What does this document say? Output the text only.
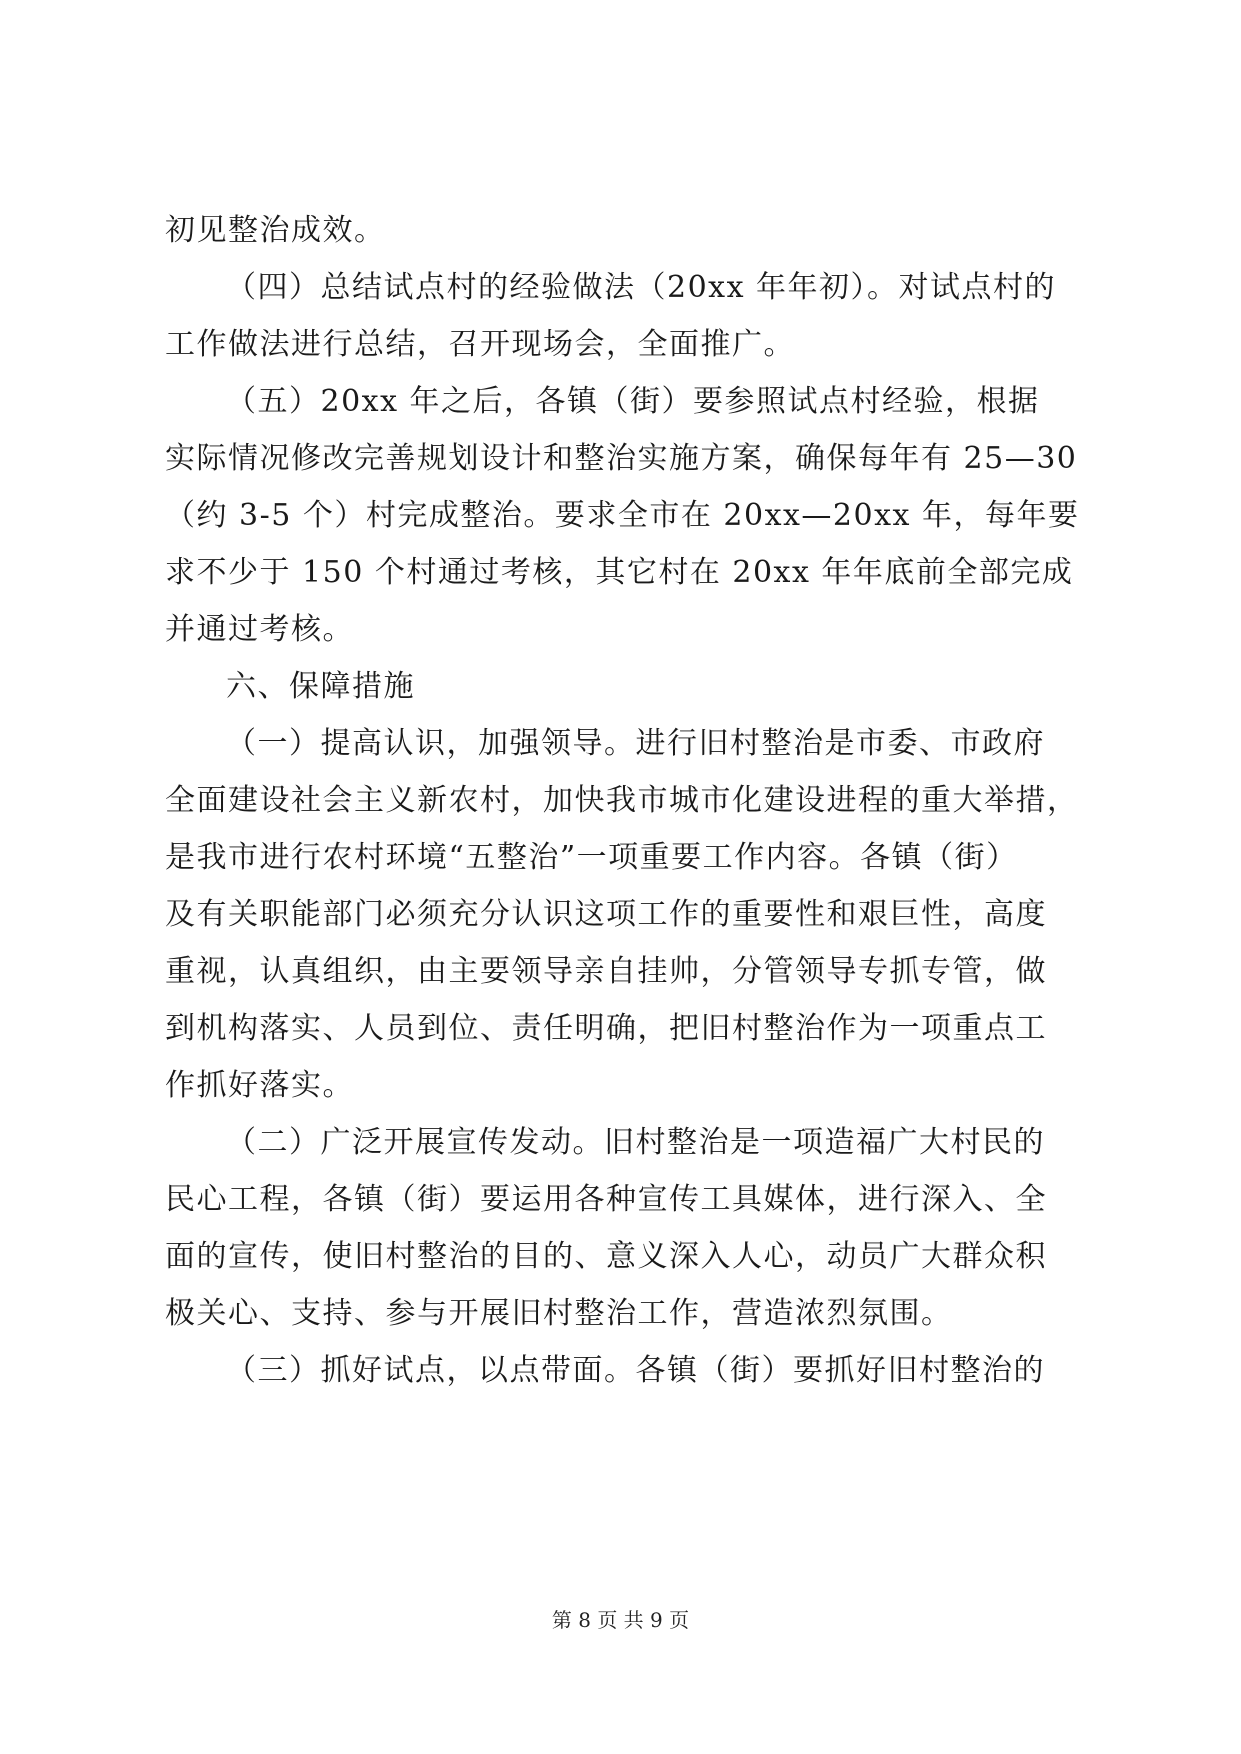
初见整治成效。
（四）总结试点村的经验做法（20xx 年年初）。对试点村的
工作做法进行总结，召开现场会，全面推广。
（五）20xx 年之后，各镇（街）要参照试点村经验，根据
实际情况修改完善规划设计和整治实施方案，确保每年有 25—30
（约 3-5 个）村完成整治。要求全市在 20xx—20xx 年，每年要
求不少于 150 个村通过考核，其它村在 20xx 年年底前全部完成
并通过考核。
六、保障措施
（一）提高认识，加强领导。进行旧村整治是市委、市政府
全面建设社会主义新农村，加快我市城市化建设进程的重大举措，
是我市进行农村环境“五整治”一项重要工作内容。各镇（街）
及有关职能部门必须充分认识这项工作的重要性和艰巨性，高度
重视，认真组织，由主要领导亲自挂帅，分管领导专抓专管，做
到机构落实、人员到位、责任明确，把旧村整治作为一项重点工
作抓好落实。
（二）广泛开展宣传发动。旧村整治是一项造福广大村民的
民心工程，各镇（街）要运用各种宣传工具媒体，进行深入、全
面的宣传，使旧村整治的目的、意义深入人心，动员广大群众积
极关心、支持、参与开展旧村整治工作，营造浓烈氛围。
（三）抓好试点，以点带面。各镇（街）要抓好旧村整治的
第 8 页 共 9 页
